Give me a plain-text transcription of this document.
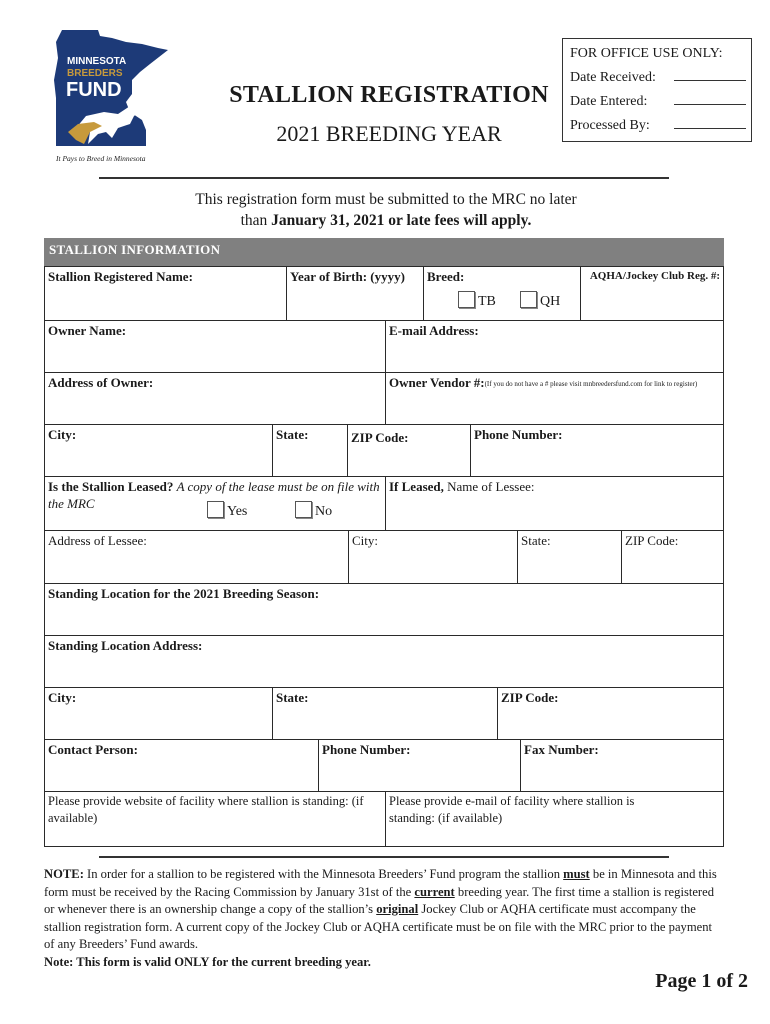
MINNESOTA
BREEDERS
FUND
It Pays to Breed in Minnesota
STALLION REGISTRATION
2021 BREEDING YEAR
FOR OFFICE USE ONLY:
Date Received:
Date Entered:
Processed By:
This registration form must be submitted to the MRC no later
than January 31, 2021 or late fees will apply.
STALLION INFORMATION
Stallion Registered Name:	Year of Birth: (yyyy)	Breed:
TB	QH
AQHA/Jockey Club Reg. #:
Owner Name:	E-mail Address:
Address of Owner:	Owner Vendor #:(If you do not have a # please visit mnbreedersfund.com for link to register)
City:	State:	ZIP Code:	Phone Number:
Is the Stallion Leased? A copy of the lease must be on file with the MRC
Yes	No
If Leased, Name of Lessee:
Address of Lessee:	City:	State:	ZIP Code:
Standing Location for the 2021 Breeding Season:
Standing Location Address:
City:	State:	ZIP Code:
Contact Person:	Phone Number:	Fax Number:
Please provide website of facility where stallion is standing: (if available)
Please provide e-mail of facility where stallion is standing: (if available)
NOTE: In order for a stallion to be registered with the Minnesota Breeders’ Fund program the stallion must be in Minnesota and this form must be received by the Racing Commission by January 31st of the current breeding year. The first time a stallion is registered or whenever there is an ownership change a copy of the stallion’s original Jockey Club or AQHA certificate must accompany the stallion registration form. A current copy of the Jockey Club or AQHA certificate must be on file with the MRC prior to the payment of any Breeders’ Fund awards.
Note: This form is valid ONLY for the current breeding year.
Page 1 of 2
